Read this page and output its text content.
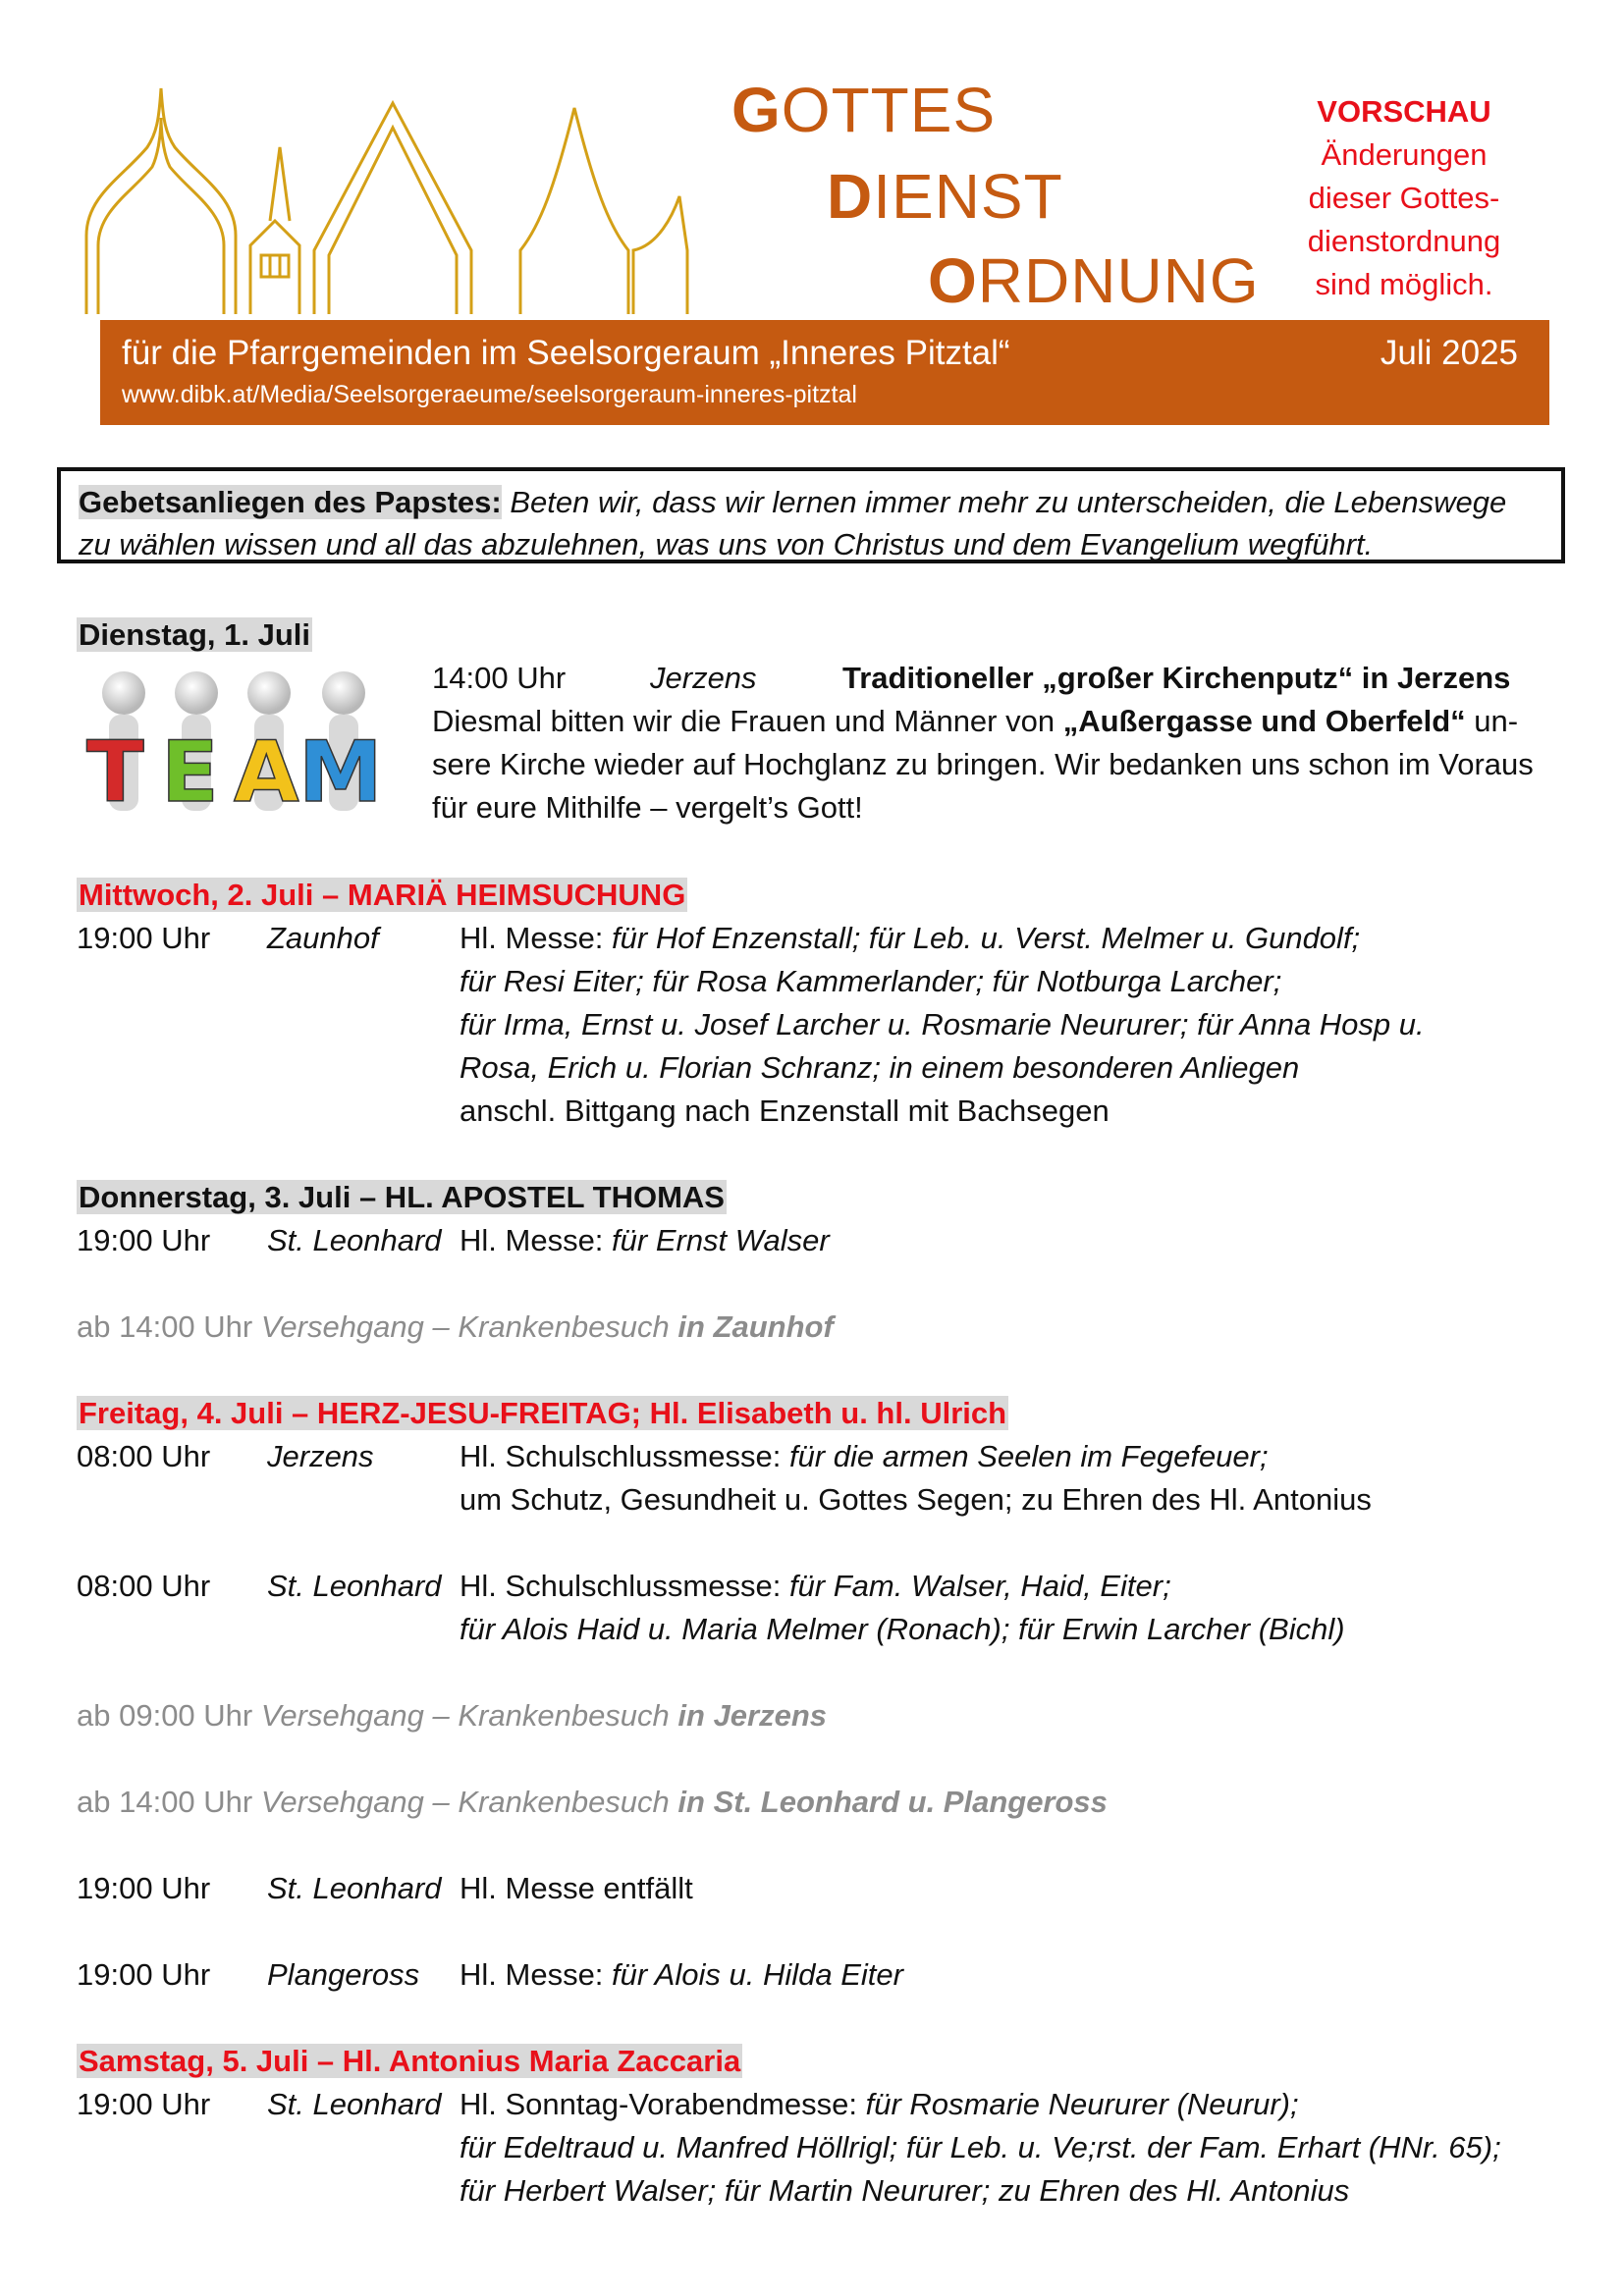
GOTTES
DIENST
ORDNUNG
VORSCHAU
Änderungen
dieser Gottes-
dienstordnung
sind möglich.
für die Pfarrgemeinden im Seelsorgeraum „Inneres Pitztal“	Juli 2025
www.dibk.at/Media/Seelsorgeraeume/seelsorgeraum-inneres-pitztal
Gebetsanliegen des Papstes: Beten wir, dass wir lernen immer mehr zu unterscheiden, die Lebenswege
zu wählen wissen und all das abzulehnen, was uns von Christus und dem Evangelium wegführt.
Dienstag, 1. Juli
T E A M
14:00 Uhr	Jerzens	Traditioneller „großer Kirchenputz“ in Jerzens
Diesmal bitten wir die Frauen und Männer von „Außergasse und Oberfeld“ un-
sere Kirche wieder auf Hochglanz zu bringen. Wir bedanken uns schon im Voraus
für eure Mithilfe – vergelt’s Gott!
Mittwoch, 2. Juli – MARIÄ HEIMSUCHUNG
19:00 Uhr Zaunhof	Hl. Messe: für Hof Enzenstall; für Leb. u. Verst. Melmer u. Gundolf;
für Resi Eiter; für Rosa Kammerlander; für Notburga Larcher;
für Irma, Ernst u. Josef Larcher u. Rosmarie Neururer; für Anna Hosp u.
Rosa, Erich u. Florian Schranz; in einem besonderen Anliegen
anschl. Bittgang nach Enzenstall mit Bachsegen
Donnerstag, 3. Juli – HL. APOSTEL THOMAS
19:00 Uhr St. Leonhard Hl. Messe: für Ernst Walser
ab 14:00 Uhr Versehgang – Krankenbesuch in Zaunhof
Freitag, 4. Juli – HERZ-JESU-FREITAG; Hl. Elisabeth u. hl. Ulrich
08:00 Uhr Jerzens	Hl. Schulschlussmesse: für die armen Seelen im Fegefeuer;
um Schutz, Gesundheit u. Gottes Segen; zu Ehren des Hl. Antonius
08:00 Uhr St. Leonhard Hl. Schulschlussmesse: für Fam. Walser, Haid, Eiter;
für Alois Haid u. Maria Melmer (Ronach); für Erwin Larcher (Bichl)
ab 09:00 Uhr Versehgang – Krankenbesuch in Jerzens
ab 14:00 Uhr Versehgang – Krankenbesuch in St. Leonhard u. Plangeross
19:00 Uhr St. Leonhard Hl. Messe entfällt
19:00 Uhr Plangeross Hl. Messe: für Alois u. Hilda Eiter
Samstag, 5. Juli – Hl. Antonius Maria Zaccaria
19:00 Uhr St. Leonhard Hl. Sonntag-Vorabendmesse: für Rosmarie Neururer (Neurur);
für Edeltraud u. Manfred Höllrigl; für Leb. u. Ve;rst. der Fam. Erhart (HNr. 65);
für Herbert Walser; für Martin Neururer; zu Ehren des Hl. Antonius
